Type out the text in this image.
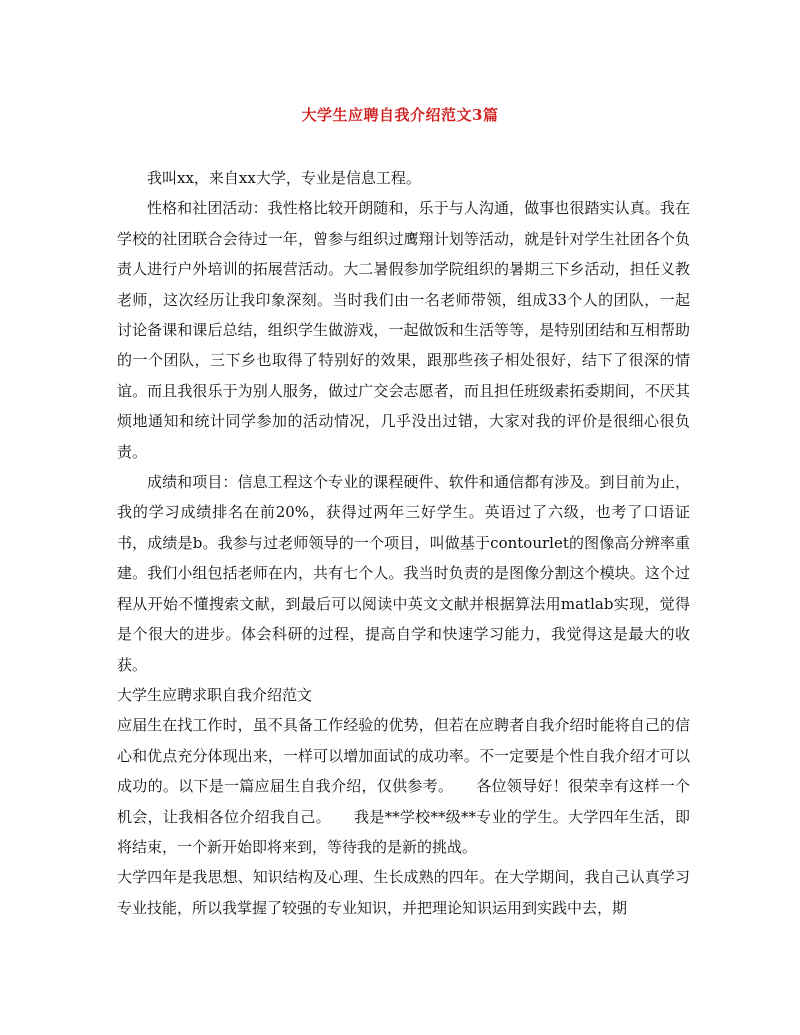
大学生应聘自我介绍范文3篇

我叫xx，来自xx大学，专业是信息工程。

性格和社团活动：我性格比较开朗随和，乐于与人沟通，做事也很踏实认真。我在学校的社团联合会待过一年，曾参与组织过鹰翔计划等活动，就是针对学生社团各个负责人进行户外培训的拓展营活动。大二暑假参加学院组织的暑期三下乡活动，担任义教老师，这次经历让我印象深刻。当时我们由一名老师带领，组成33个人的团队，一起讨论备课和课后总结，组织学生做游戏，一起做饭和生活等等，是特别团结和互相帮助的一个团队，三下乡也取得了特别好的效果，跟那些孩子相处很好，结下了很深的情谊。而且我很乐于为别人服务，做过广交会志愿者，而且担任班级素拓委期间，不厌其烦地通知和统计同学参加的活动情况，几乎没出过错，大家对我的评价是很细心很负责。

成绩和项目：信息工程这个专业的课程硬件、软件和通信都有涉及。到目前为止，我的学习成绩排名在前20%，获得过两年三好学生。英语过了六级，也考了口语证书，成绩是b。我参与过老师领导的一个项目，叫做基于contourlet的图像高分辨率重建。我们小组包括老师在内，共有七个人。我当时负责的是图像分割这个模块。这个过程从开始不懂搜索文献，到最后可以阅读中英文文献并根据算法用matlab实现，觉得是个很大的进步。体会科研的过程，提高自学和快速学习能力，我觉得这是最大的收获。

大学生应聘求职自我介绍范文

应届生在找工作时，虽不具备工作经验的优势，但若在应聘者自我介绍时能将自己的信心和优点充分体现出来，一样可以增加面试的成功率。不一定要是个性自我介绍才可以成功的。以下是一篇应届生自我介绍，仅供参考。　　各位领导好！很荣幸有这样一个机会，让我相各位介绍我自己。　　我是**学校**级**专业的学生。大学四年生活，即将结束，一个新开始即将来到，等待我的是新的挑战。

大学四年是我思想、知识结构及心理、生长成熟的四年。在大学期间，我自己认真学习专业技能，所以我掌握了较强的专业知识，并把理论知识运用到实践中去，期
